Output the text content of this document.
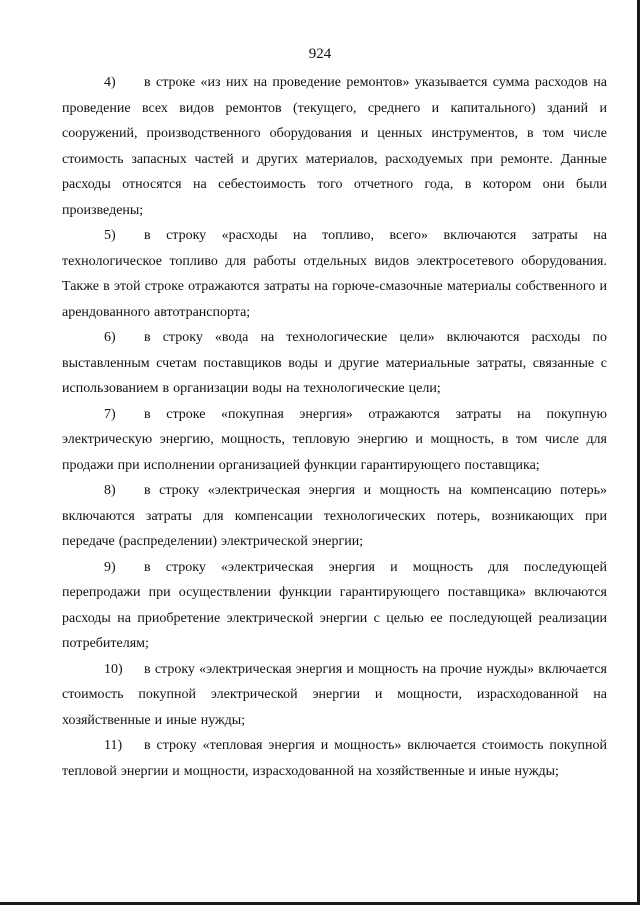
924

4) в строке «из них на проведение ремонтов» указывается сумма расходов на проведение всех видов ремонтов (текущего, среднего и капитального) зданий и сооружений, производственного оборудования и ценных инструментов, в том числе стоимость запасных частей и других материалов, расходуемых при ремонте. Данные расходы относятся на себестоимость того отчетного года, в котором они были произведены;

5) в строку «расходы на топливо, всего» включаются затраты на технологическое топливо для работы отдельных видов электросетевого оборудования. Также в этой строке отражаются затраты на горюче-смазочные материалы собственного и арендованного автотранспорта;

6) в строку «вода на технологические цели» включаются расходы по выставленным счетам поставщиков воды и другие материальные затраты, связанные с использованием в организации воды на технологические цели;

7) в строке «покупная энергия» отражаются затраты на покупную электрическую энергию, мощность, тепловую энергию и мощность, в том числе для продажи при исполнении организацией функции гарантирующего поставщика;

8) в строку «электрическая энергия и мощность на компенсацию потерь» включаются затраты для компенсации технологических потерь, возникающих при передаче (распределении) электрической энергии;

9) в строку «электрическая энергия и мощность для последующей перепродажи при осуществлении функции гарантирующего поставщика» включаются расходы на приобретение электрической энергии с целью ее последующей реализации потребителям;

10) в строку «электрическая энергия и мощность на прочие нужды» включается стоимость покупной электрической энергии и мощности, израсходованной на хозяйственные и иные нужды;

11) в строку «тепловая энергия и мощность» включается стоимость покупной тепловой энергии и мощности, израсходованной на хозяйственные и иные нужды;
